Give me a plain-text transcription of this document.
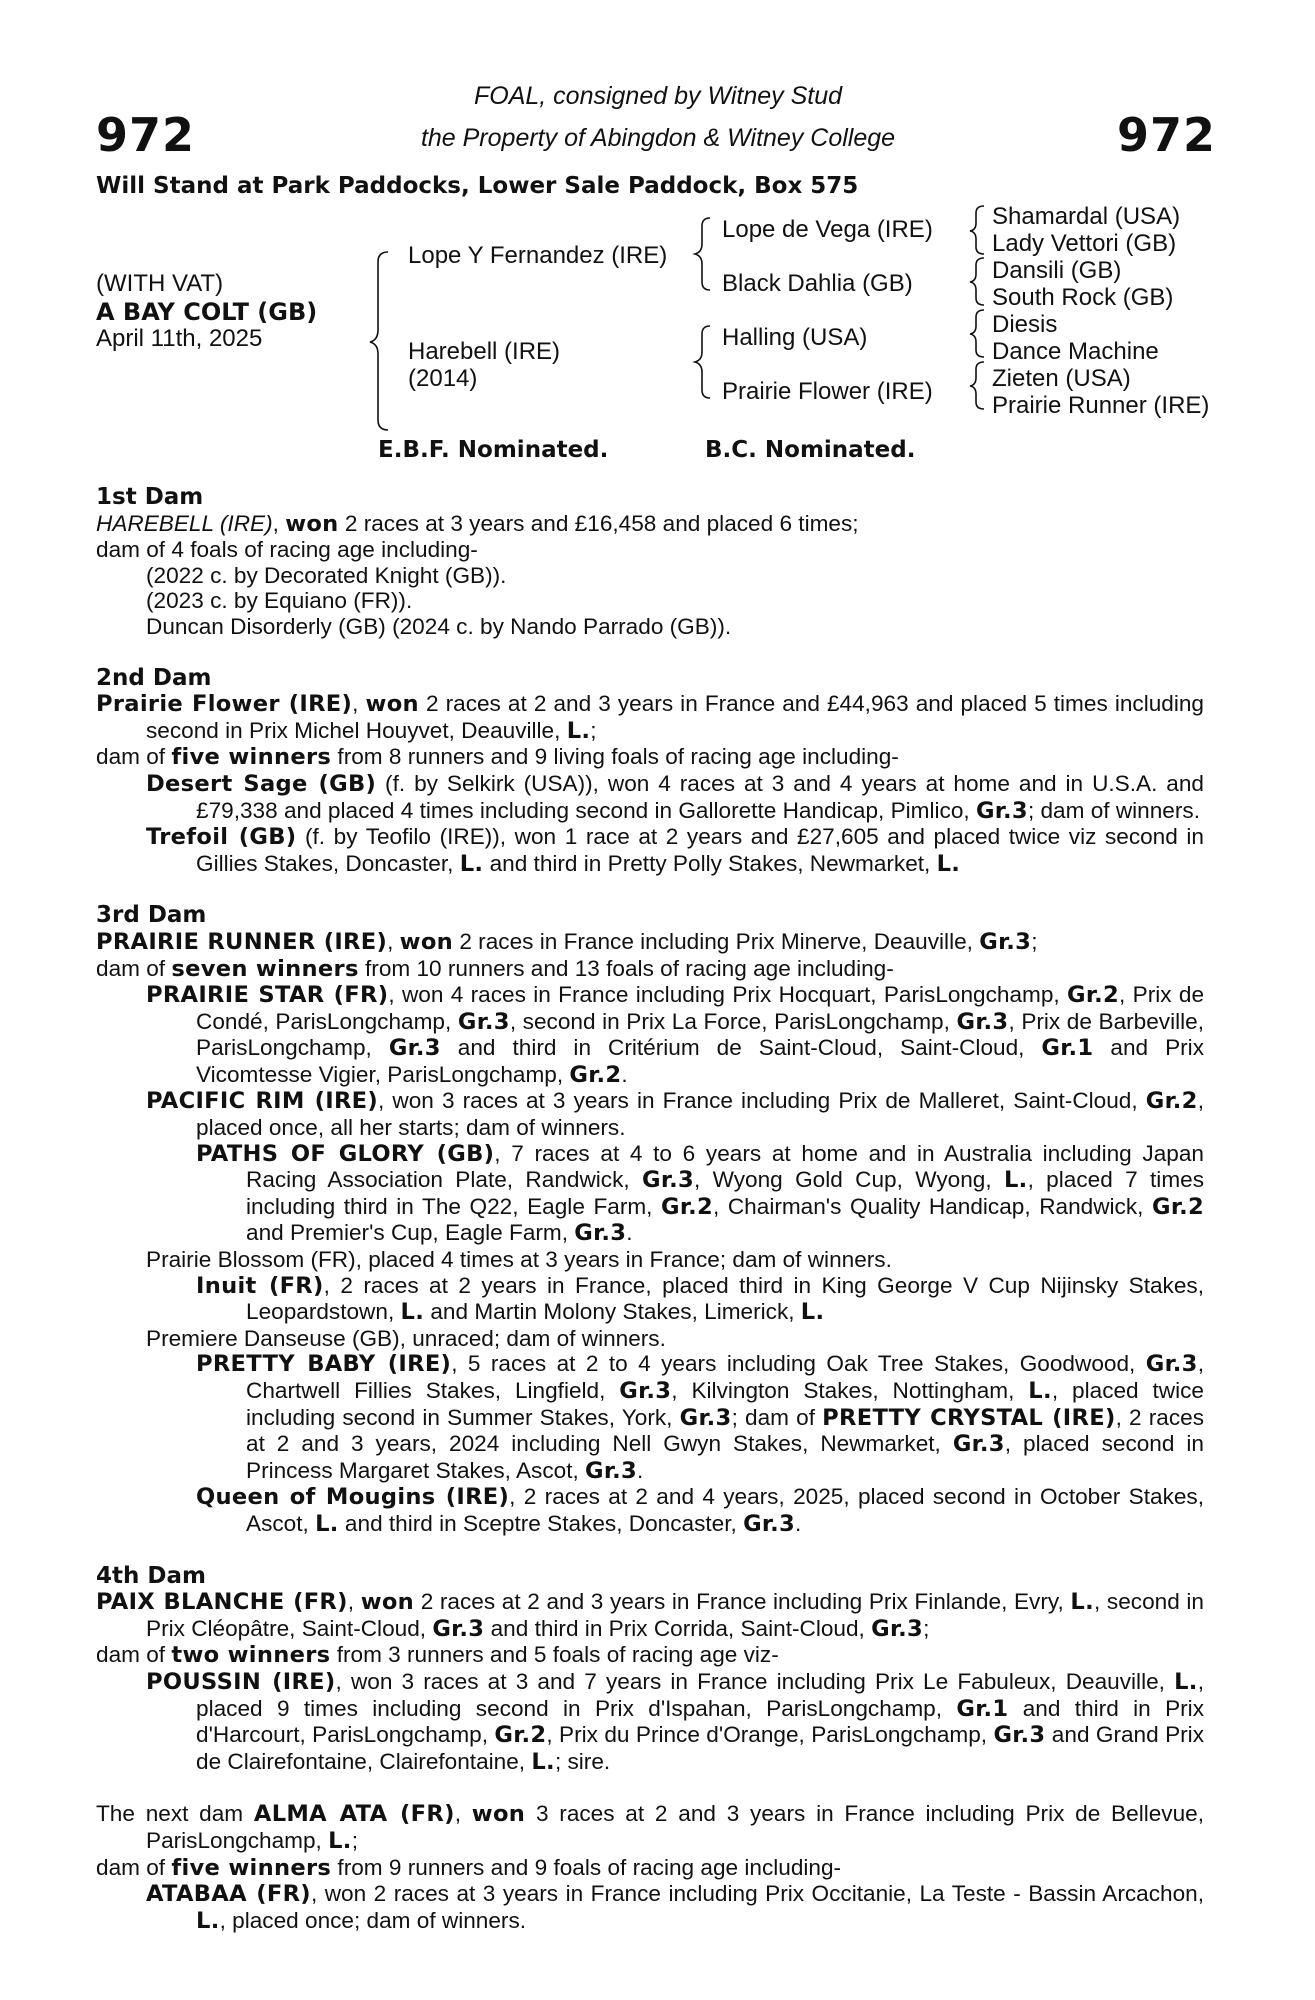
972	972
FOAL, consigned by Witney Stud
the Property of Abingdon & Witney College
Will Stand at Park Paddocks, Lower Sale Paddock, Box 575
(WITH VAT)
A BAY COLT (GB)
April 11th, 2025
Lope Y Fernandez (IRE)
Harebell (IRE)
(2014)
Lope de Vega (IRE)
Black Dahlia (GB)
Halling (USA)
Prairie Flower (IRE)
Shamardal (USA)
Lady Vettori (GB)
Dansili (GB)
South Rock (GB)
Diesis
Dance Machine
Zieten (USA)
Prairie Runner (IRE)
E.B.F. Nominated.	B.C. Nominated.
1st Dam

HAREBELL (IRE), won 2 races at 3 years and £16,458 and placed 6 times;

dam of 4 foals of racing age including-

(2022 c. by Decorated Knight (GB)).

(2023 c. by Equiano (FR)).

Duncan Disorderly (GB) (2024 c. by Nando Parrado (GB)).

2nd Dam

Prairie Flower (IRE), won 2 races at 2 and 3 years in France and £44,963 and placed 5 times including second in Prix Michel Houyvet, Deauville, L.;

dam of five winners from 8 runners and 9 living foals of racing age including-

Desert Sage (GB) (f. by Selkirk (USA)), won 4 races at 3 and 4 years at home and in U.S.A. and £79,338 and placed 4 times including second in Gallorette Handicap, Pimlico, Gr.3; dam of winners.

Trefoil (GB) (f. by Teofilo (IRE)), won 1 race at 2 years and £27,605 and placed twice viz second in Gillies Stakes, Doncaster, L. and third in Pretty Polly Stakes, Newmarket, L.

3rd Dam

PRAIRIE RUNNER (IRE), won 2 races in France including Prix Minerve, Deauville, Gr.3;

dam of seven winners from 10 runners and 13 foals of racing age including-

PRAIRIE STAR (FR), won 4 races in France including Prix Hocquart, ParisLongchamp, Gr.2, Prix de Condé, ParisLongchamp, Gr.3, second in Prix La Force, ParisLongchamp, Gr.3, Prix de Barbeville, ParisLongchamp, Gr.3 and third in Critérium de Saint-Cloud, Saint-Cloud, Gr.1 and Prix Vicomtesse Vigier, ParisLongchamp, Gr.2.

PACIFIC RIM (IRE), won 3 races at 3 years in France including Prix de Malleret, Saint-Cloud, Gr.2, placed once, all her starts; dam of winners.

PATHS OF GLORY (GB), 7 races at 4 to 6 years at home and in Australia including Japan Racing Association Plate, Randwick, Gr.3, Wyong Gold Cup, Wyong, L., placed 7 times including third in The Q22, Eagle Farm, Gr.2, Chairman's Quality Handicap, Randwick, Gr.2 and Premier's Cup, Eagle Farm, Gr.3.

Prairie Blossom (FR), placed 4 times at 3 years in France; dam of winners.

Inuit (FR), 2 races at 2 years in France, placed third in King George V Cup Nijinsky Stakes, Leopardstown, L. and Martin Molony Stakes, Limerick, L.

Premiere Danseuse (GB), unraced; dam of winners.

PRETTY BABY (IRE), 5 races at 2 to 4 years including Oak Tree Stakes, Goodwood, Gr.3, Chartwell Fillies Stakes, Lingfield, Gr.3, Kilvington Stakes, Nottingham, L., placed twice including second in Summer Stakes, York, Gr.3; dam of PRETTY CRYSTAL (IRE), 2 races at 2 and 3 years, 2024 including Nell Gwyn Stakes, Newmarket, Gr.3, placed second in Princess Margaret Stakes, Ascot, Gr.3.

Queen of Mougins (IRE), 2 races at 2 and 4 years, 2025, placed second in October Stakes, Ascot, L. and third in Sceptre Stakes, Doncaster, Gr.3.

4th Dam

PAIX BLANCHE (FR), won 2 races at 2 and 3 years in France including Prix Finlande, Evry, L., second in Prix Cléopâtre, Saint-Cloud, Gr.3 and third in Prix Corrida, Saint-Cloud, Gr.3;

dam of two winners from 3 runners and 5 foals of racing age viz-

POUSSIN (IRE), won 3 races at 3 and 7 years in France including Prix Le Fabuleux, Deauville, L., placed 9 times including second in Prix d'Ispahan, ParisLongchamp, Gr.1 and third in Prix d'Harcourt, ParisLongchamp, Gr.2, Prix du Prince d'Orange, ParisLongchamp, Gr.3 and Grand Prix de Clairefontaine, Clairefontaine, L.; sire.

The next dam ALMA ATA (FR), won 3 races at 2 and 3 years in France including Prix de Bellevue, ParisLongchamp, L.;

dam of five winners from 9 runners and 9 foals of racing age including-

ATABAA (FR), won 2 races at 3 years in France including Prix Occitanie, La Teste - Bassin Arcachon, L., placed once; dam of winners.
